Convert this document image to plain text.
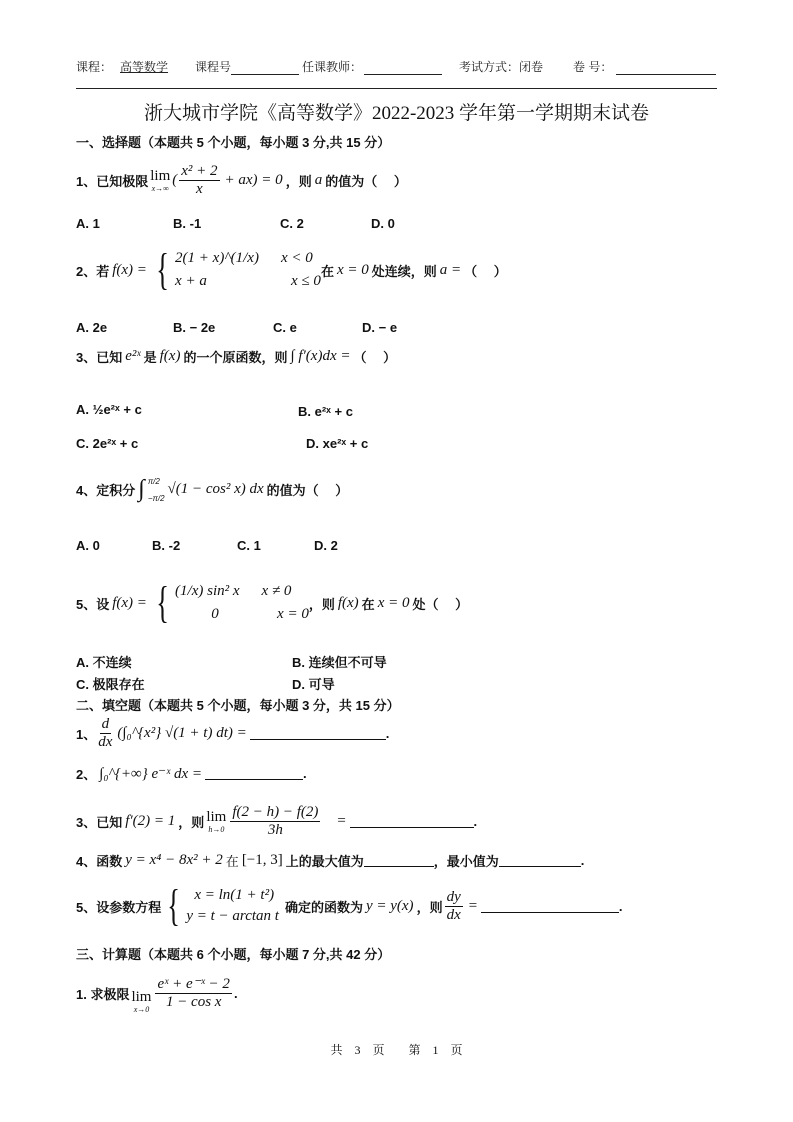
课程： 高等数学	课程号	任课教师：	考试方式：闭卷 卷 号：
浙大城市学院《高等数学》2022-2023 学年第一学期期末试卷
一、选择题（本题共 5 个小题，每小题 3 分,共 15 分）
1、已知极限 lim
x→∞
( $\frac{\text{x² + 2}}{x} + ax) = 0$ ，则 a 的值为（　 ）
A. 1	B. -1	C. 2	D. 0
2、若 f(x) = { 2(1 + x)^(1/x) x < 0
x + a	x ≤ 0
在 x = 0 处连续，则 a = （　 ）
A. 2e	B. − 2e	C. e	D. − e
3、已知 e²ˣ 是 f(x) 的一个原函数，则 ∫ f′(x)dx = （　 ）
A. ½e²ˣ + c	B. e²ˣ + c
C. 2e²ˣ + c	D. xe²ˣ + c
4、定积分 ∫ π/2
−π/2
√(1 − cos² x) dx 的值为（　 ）
A. 0	B. -2	C. 1	D. 2
5、设 f(x) = { (1/x) sin² x x ≠ 0
0	x = 0
，则 f(x) 在 x = 0 处（　 ）
A. 不连续	B. 连续但不可导
C. 极限存在	D. 可导
二、填空题（本题共 5 个小题，每小题 3 分，共 15 分）
1、 $\frac{d}{dx}$ (∫₀^{x²} √(1 + t) dt) =	.
2、 ∫₀^{+∞} e⁻ˣ dx =	.
3、已知 f′(2) = 1 ，则 lim
$h\to 0 \frac{f(2 - h) - f(2)}{3h}$ =	.
4、函数 y = x⁴ − 8x² + 2 在 [−1, 3] 上的最大值为	，最小值为	.
5、设参数方程 { x = ln(1 + t²)
y = t − arctan t
确定的函数为 y = y(x) ，则 $\frac{dy}{dx}$ =	.
三、计算题（本题共 6 个小题，每小题 7 分,共 42 分）
1. 求极限 lim
$x\to 0 \frac{\text{eˣ + e⁻ˣ − 2}}{\text{1 − cos x}}$ .
共　3　页　　第　1　页
